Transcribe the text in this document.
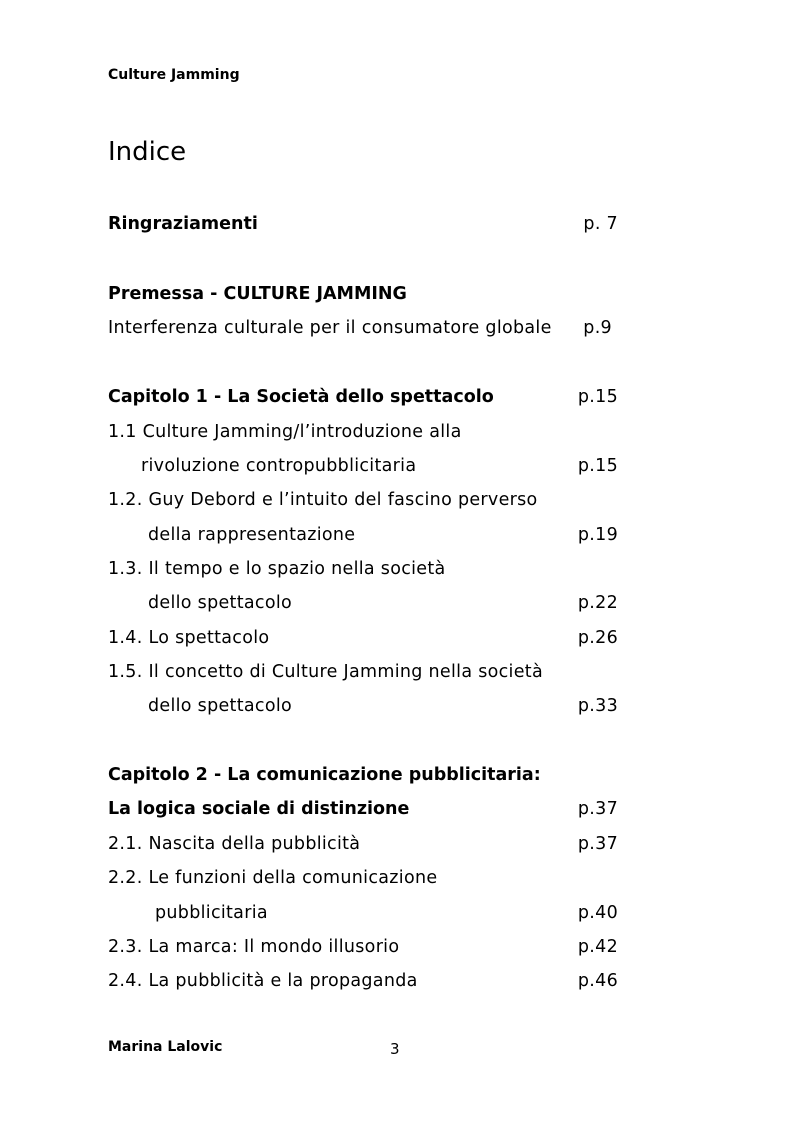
Culture Jamming
Indice
Ringraziamenti	p. 7
Premessa - CULTURE JAMMING
Interferenza culturale per il consumatore globale p.9
Capitolo 1 - La Società dello spettacolo	p.15
1.1 Culture Jamming/l’introduzione alla
rivoluzione contropubblicitaria	p.15
1.2. Guy Debord e l’intuito del fascino perverso
della rappresentazione	p.19
1.3. Il tempo e lo spazio nella società
dello spettacolo	p.22
1.4. Lo spettacolo	p.26
1.5. Il concetto di Culture Jamming nella società
dello spettacolo	p.33
Capitolo 2 - La comunicazione pubblicitaria:
La logica sociale di distinzione	p.37
2.1. Nascita della pubblicità	p.37
2.2. Le funzioni della comunicazione
pubblicitaria	p.40
2.3. La marca: Il mondo illusorio	p.42
2.4. La pubblicità e la propaganda	p.46
Marina Lalovic	3
